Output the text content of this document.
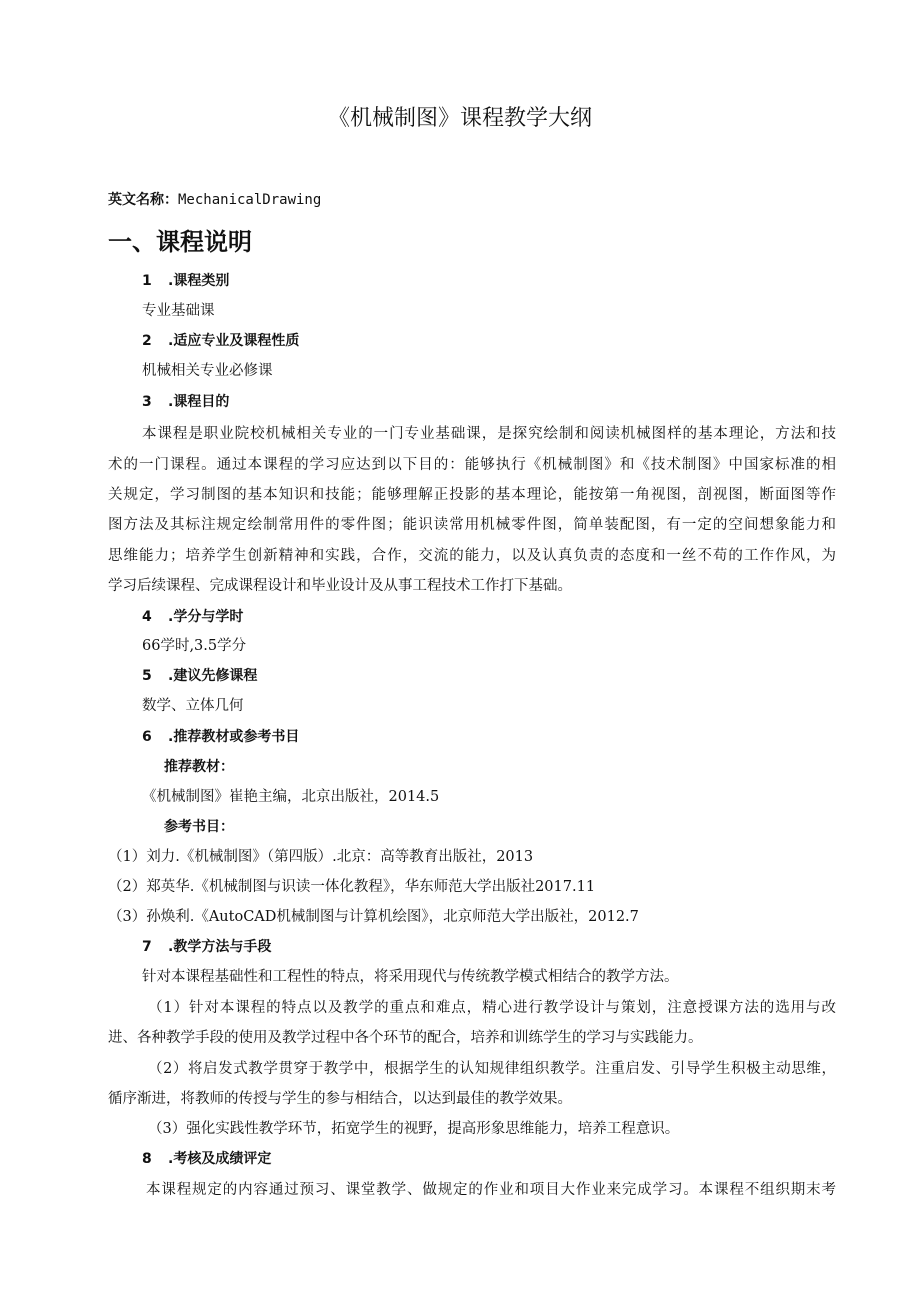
《机械制图》课程教学大纲
英文名称：MechanicalDrawing
一、课程说明
1 .课程类别
专业基础课
2 .适应专业及课程性质
机械相关专业必修课
3 .课程目的
本课程是职业院校机械相关专业的一门专业基础课，是探究绘制和阅读机械图样的基本理论，方法和技
术的一门课程。通过本课程的学习应达到以下目的：能够执行《机械制图》和《技术制图》中国家标准的相
关规定，学习制图的基本知识和技能；能够理解正投影的基本理论，能按第一角视图，剖视图，断面图等作
图方法及其标注规定绘制常用件的零件图；能识读常用机械零件图，简单装配图，有一定的空间想象能力和
思维能力；培养学生创新精神和实践，合作，交流的能力，以及认真负责的态度和一丝不苟的工作作风，为
学习后续课程、完成课程设计和毕业设计及从事工程技术工作打下基础。
4 .学分与学时
66学时,3.5学分
5 .建议先修课程
数学、立体几何
6 .推荐教材或参考书目
推荐教材：
《机械制图》崔艳主编，北京出版社，2014.5
参考书目：
（1）刘力.《机械制图》（第四版）.北京：高等教育出版社，2013
（2）郑英华.《机械制图与识读一体化教程》，华东师范大学出版社2017.11
（3）孙焕利.《AutoCAD机械制图与计算机绘图》，北京师范大学出版社，2012.7
7 .教学方法与手段
针对本课程基础性和工程性的特点，将采用现代与传统教学模式相结合的教学方法。
（1）针对本课程的特点以及教学的重点和难点，精心进行教学设计与策划，注意授课方法的选用与改
进、各种教学手段的使用及教学过程中各个环节的配合，培养和训练学生的学习与实践能力。
（2）将启发式教学贯穿于教学中，根据学生的认知规律组织教学。注重启发、引导学生积极主动思维，
循序渐进，将教师的传授与学生的参与相结合，以达到最佳的教学效果。
（3）强化实践性教学环节，拓宽学生的视野，提高形象思维能力，培养工程意识。
8 .考核及成绩评定
本课程规定的内容通过预习、课堂教学、做规定的作业和项目大作业来完成学习。本课程不组织期末考
